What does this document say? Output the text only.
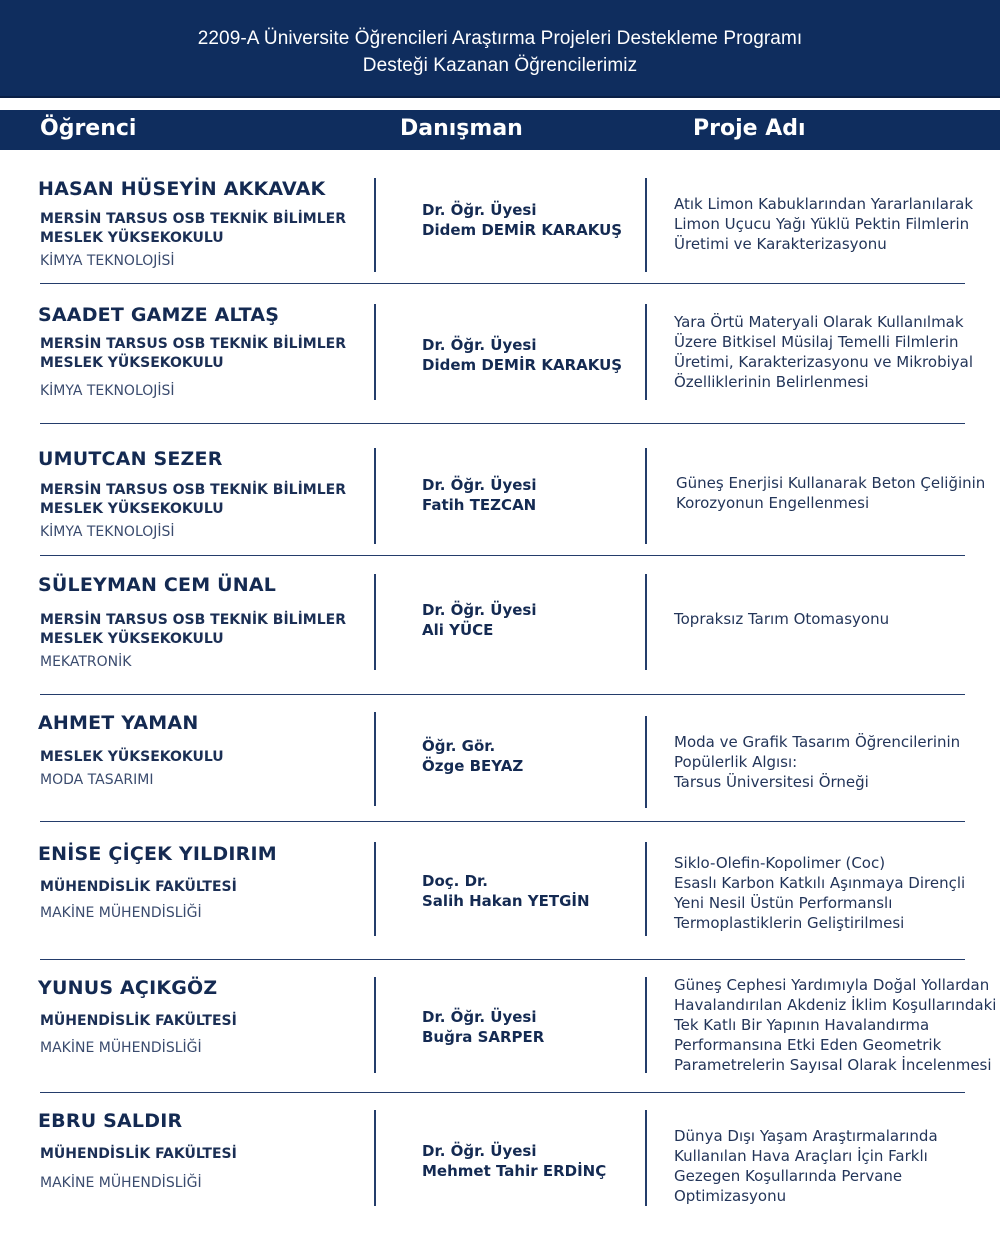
2209-A Üniversite Öğrencileri Araştırma Projeleri Destekleme Programı
Desteği Kazanan Öğrencilerimiz
Öğrenci	Danışman	Proje Adı
HASAN HÜSEYİN AKKAVAK
MERSİN TARSUS OSB TEKNİK BİLİMLER
MESLEK YÜKSEKOKULU
KİMYA TEKNOLOJİSİ
Dr. Öğr. Üyesi
Didem DEMİR KARAKUŞ
Atık Limon Kabuklarından Yararlanılarak
Limon Uçucu Yağı Yüklü Pektin Filmlerin
Üretimi ve Karakterizasyonu
SAADET GAMZE ALTAŞ
MERSİN TARSUS OSB TEKNİK BİLİMLER
MESLEK YÜKSEKOKULU
KİMYA TEKNOLOJİSİ
Dr. Öğr. Üyesi
Didem DEMİR KARAKUŞ
Yara Örtü Materyali Olarak Kullanılmak
Üzere Bitkisel Müsilaj Temelli Filmlerin
Üretimi, Karakterizasyonu ve Mikrobiyal
Özelliklerinin Belirlenmesi
UMUTCAN SEZER
MERSİN TARSUS OSB TEKNİK BİLİMLER
MESLEK YÜKSEKOKULU
KİMYA TEKNOLOJİSİ
Dr. Öğr. Üyesi
Fatih TEZCAN
Güneş Enerjisi Kullanarak Beton Çeliğinin
Korozyonun Engellenmesi
SÜLEYMAN CEM ÜNAL
MERSİN TARSUS OSB TEKNİK BİLİMLER
MESLEK YÜKSEKOKULU
MEKATRONİK
Dr. Öğr. Üyesi
Ali YÜCE
Topraksız Tarım Otomasyonu
AHMET YAMAN
MESLEK YÜKSEKOKULU
MODA TASARIMI
Öğr. Gör.
Özge BEYAZ
Moda ve Grafik Tasarım Öğrencilerinin
Popülerlik Algısı:
Tarsus Üniversitesi Örneği
ENİSE ÇİÇEK YILDIRIM
MÜHENDİSLİK FAKÜLTESİ
MAKİNE MÜHENDİSLİĞİ
Doç. Dr.
Salih Hakan YETGİN
Siklo-Olefin-Kopolimer (Coc)
Esaslı Karbon Katkılı Aşınmaya Dirençli
Yeni Nesil Üstün Performanslı
Termoplastiklerin Geliştirilmesi
YUNUS AÇIKGÖZ
MÜHENDİSLİK FAKÜLTESİ
MAKİNE MÜHENDİSLİĞİ
Dr. Öğr. Üyesi
Buğra SARPER
Güneş Cephesi Yardımıyla Doğal Yollardan
Havalandırılan Akdeniz İklim Koşullarındaki
Tek Katlı Bir Yapının Havalandırma
Performansına Etki Eden Geometrik
Parametrelerin Sayısal Olarak İncelenmesi
EBRU SALDIR
MÜHENDİSLİK FAKÜLTESİ
MAKİNE MÜHENDİSLİĞİ
Dr. Öğr. Üyesi
Mehmet Tahir ERDİNÇ
Dünya Dışı Yaşam Araştırmalarında
Kullanılan Hava Araçları İçin Farklı
Gezegen Koşullarında Pervane
Optimizasyonu
